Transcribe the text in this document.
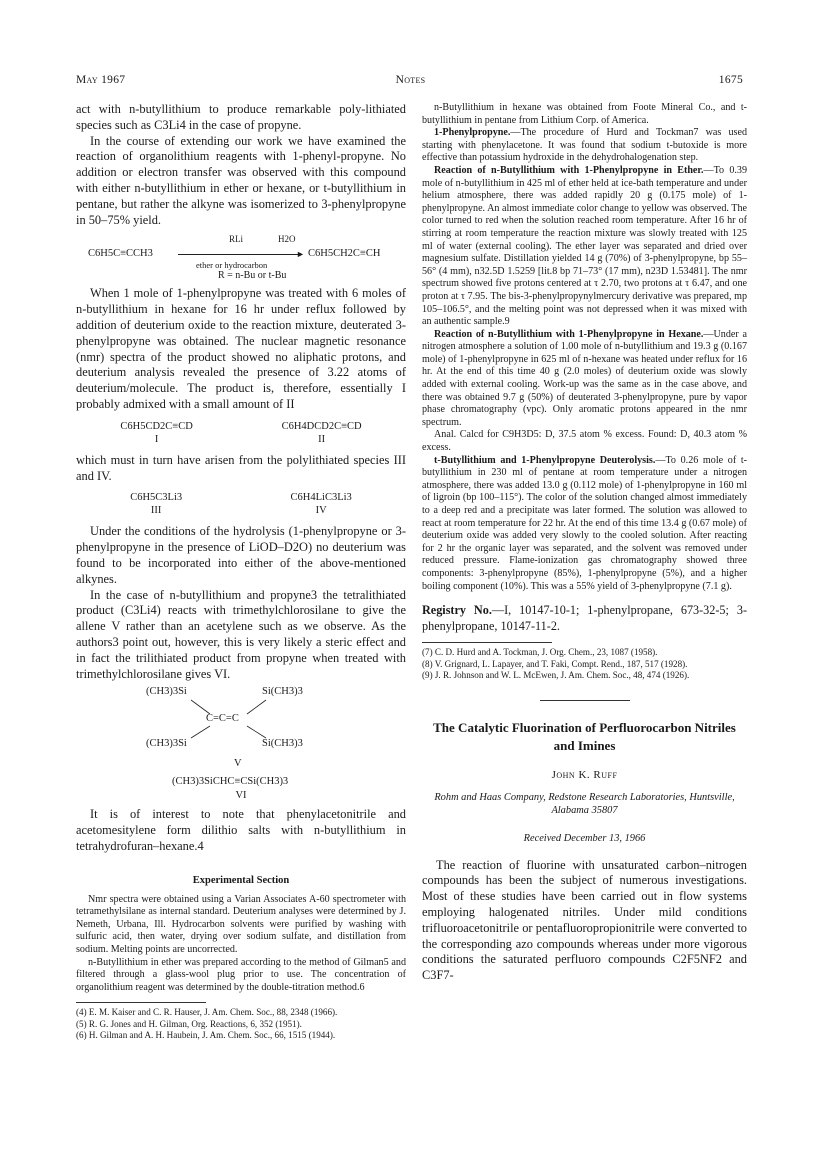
May 1967	Notes	1675

act with n-butyllithium to produce remarkable poly-lithiated species such as C3Li4 in the case of propyne.

In the course of extending our work we have examined the reaction of organolithium reagents with 1-phenyl-propyne. No addition or electron transfer was observed with this compound with either n-butyllithium in ether or hexane, or t-butyllithium in pentane, but rather the alkyne was isomerized to 3-phenylpropyne in 50–75% yield.

C6H5C≡CCH3
RLi
►
H2O
ether or hydrocarbon
C6H5CH2C≡CH
R = n-Bu or t-Bu

When 1 mole of 1-phenylpropyne was treated with 6 moles of n-butyllithium in hexane for 16 hr under reflux followed by addition of deuterium oxide to the reaction mixture, deuterated 3-phenylpropyne was obtained. The nuclear magnetic resonance (nmr) spectra of the product showed no aliphatic protons, and deuterium analysis revealed the presence of 3.22 atoms of deuterium/molecule. The product is, therefore, essentially I probably admixed with a small amount of II

C6H5CD2C≡CD
I
C6H4DCD2C≡CD
II

which must in turn have arisen from the polylithiated species III and IV.

C6H5C3Li3
III
C6H4LiC3Li3
IV

Under the conditions of the hydrolysis (1-phenylpropyne or 3-phenylpropyne in the presence of LiOD–D2O) no deuterium was found to be incorporated into either of the above-mentioned alkynes.

In the case of n-butyllithium and propyne3 the tetralithiated product (C3Li4) reacts with trimethylchlorosilane to give the allene V rather than an acetylene such as we observe. As the authors3 point out, however, this is very likely a steric effect and in fact the trilithiated product from propyne when treated with trimethylchlorosilane gives VI.

(CH3)3Si	Si(CH3)3
C=C=C
(CH3)3Si	Si(CH3)3
V
(CH3)3SiCHC≡CSi(CH3)3
VI

It is of interest to note that phenylacetonitrile and acetomesitylene form dilithio salts with n-butyllithium in tetrahydrofuran–hexane.4

Experimental Section

Nmr spectra were obtained using a Varian Associates A-60 spectrometer with tetramethylsilane as internal standard. Deuterium analyses were determined by J. Nemeth, Urbana, Ill. Hydrocarbon solvents were purified by washing with sulfuric acid, then water, drying over sodium sulfate, and distillation from sodium. Melting points are uncorrected.

n-Butyllithium in ether was prepared according to the method of Gilman5 and filtered through a glass-wool plug prior to use. The concentration of organolithium reagent was determined by the double-titration method.6

(4) E. M. Kaiser and C. R. Hauser, J. Am. Chem. Soc., 88, 2348 (1966).
(5) R. G. Jones and H. Gilman, Org. Reactions, 6, 352 (1951).
(6) H. Gilman and A. H. Haubein, J. Am. Chem. Soc., 66, 1515 (1944).

n-Butyllithium in hexane was obtained from Foote Mineral Co., and t-butyllithium in pentane from Lithium Corp. of America.

1-Phenylpropyne.—The procedure of Hurd and Tockman7 was used starting with phenylacetone. It was found that sodium t-butoxide is more effective than potassium hydroxide in the dehydrohalogenation step.

Reaction of n-Butyllithium with 1-Phenylpropyne in Ether.—To 0.39 mole of n-butyllithium in 425 ml of ether held at ice-bath temperature and under helium atmosphere, there was added rapidly 20 g (0.175 mole) of 1-phenylpropyne. An almost immediate color change to yellow was observed. The color turned to red when the solution reached room temperature. After 16 hr of stirring at room temperature the reaction mixture was slowly treated with 125 ml of water (external cooling). The ether layer was separated and dried over magnesium sulfate. Distillation yielded 14 g (70%) of 3-phenylpropyne, bp 55–56° (4 mm), n32.5D 1.5259 [lit.8 bp 71–73° (17 mm), n23D 1.53481]. The nmr spectrum showed five protons centered at τ 2.70, two protons at τ 6.47, and one proton at τ 7.95. The bis-3-phenylpropynylmercury derivative was prepared, mp 105–106.5°, and the melting point was not depressed when it was mixed with an authentic sample.9

Reaction of n-Butyllithium with 1-Phenylpropyne in Hexane.—Under a nitrogen atmosphere a solution of 1.00 mole of n-butyllithium and 19.3 g (0.167 mole) of 1-phenylpropyne in 625 ml of n-hexane was heated under reflux for 16 hr. At the end of this time 40 g (2.0 moles) of deuterium oxide was slowly added with external cooling. Work-up was the same as in the case above, and there was obtained 9.7 g (50%) of deuterated 3-phenylpropyne, pure by vapor phase chromatography (vpc). Only aromatic protons appeared in the nmr spectrum.

Anal. Calcd for C9H3D5: D, 37.5 atom % excess. Found: D, 40.3 atom % excess.

t-Butyllithium and 1-Phenylpropyne Deuterolysis.—To 0.26 mole of t-butyllithium in 230 ml of pentane at room temperature under a nitrogen atmosphere, there was added 13.0 g (0.112 mole) of 1-phenylpropyne in 160 ml of ligroin (bp 100–115°). The color of the solution changed almost immediately to a deep red and a precipitate was later formed. The solution was allowed to react at room temperature for 22 hr. At the end of this time 13.4 g (0.67 mole) of deuterium oxide was added very slowly to the cooled solution. After reacting for 2 hr the organic layer was separated, and the solvent was removed under reduced pressure. Flame-ionization gas chromatography showed three components: 3-phenylpropyne (85%), 1-phenylpropyne (5%), and a higher boiling component (10%). This was a 55% yield of 3-phenylpropyne (7.1 g).

Registry No.—I, 10147-10-1; 1-phenylpropane, 673-32-5; 3-phenylpropane, 10147-11-2.
(7) C. D. Hurd and A. Tockman, J. Org. Chem., 23, 1087 (1958).
(8) V. Grignard, L. Lapayer, and T. Faki, Compt. Rend., 187, 517 (1928).
(9) J. R. Johnson and W. L. McEwen, J. Am. Chem. Soc., 48, 474 (1926).
The Catalytic Fluorination of Perfluorocarbon Nitriles and Imines
John K. Ruff
Rohm and Haas Company, Redstone Research Laboratories, Huntsville, Alabama 35807
Received December 13, 1966

The reaction of fluorine with unsaturated carbon–nitrogen compounds has been the subject of numerous investigations. Most of these studies have been carried out in flow systems employing halogenated nitriles. Under mild conditions trifluoroacetonitrile or pentafluoropropionitrile were converted to the corresponding azo compounds whereas under more vigorous conditions the saturated perfluoro compounds C2F5NF2 and C3F7-
